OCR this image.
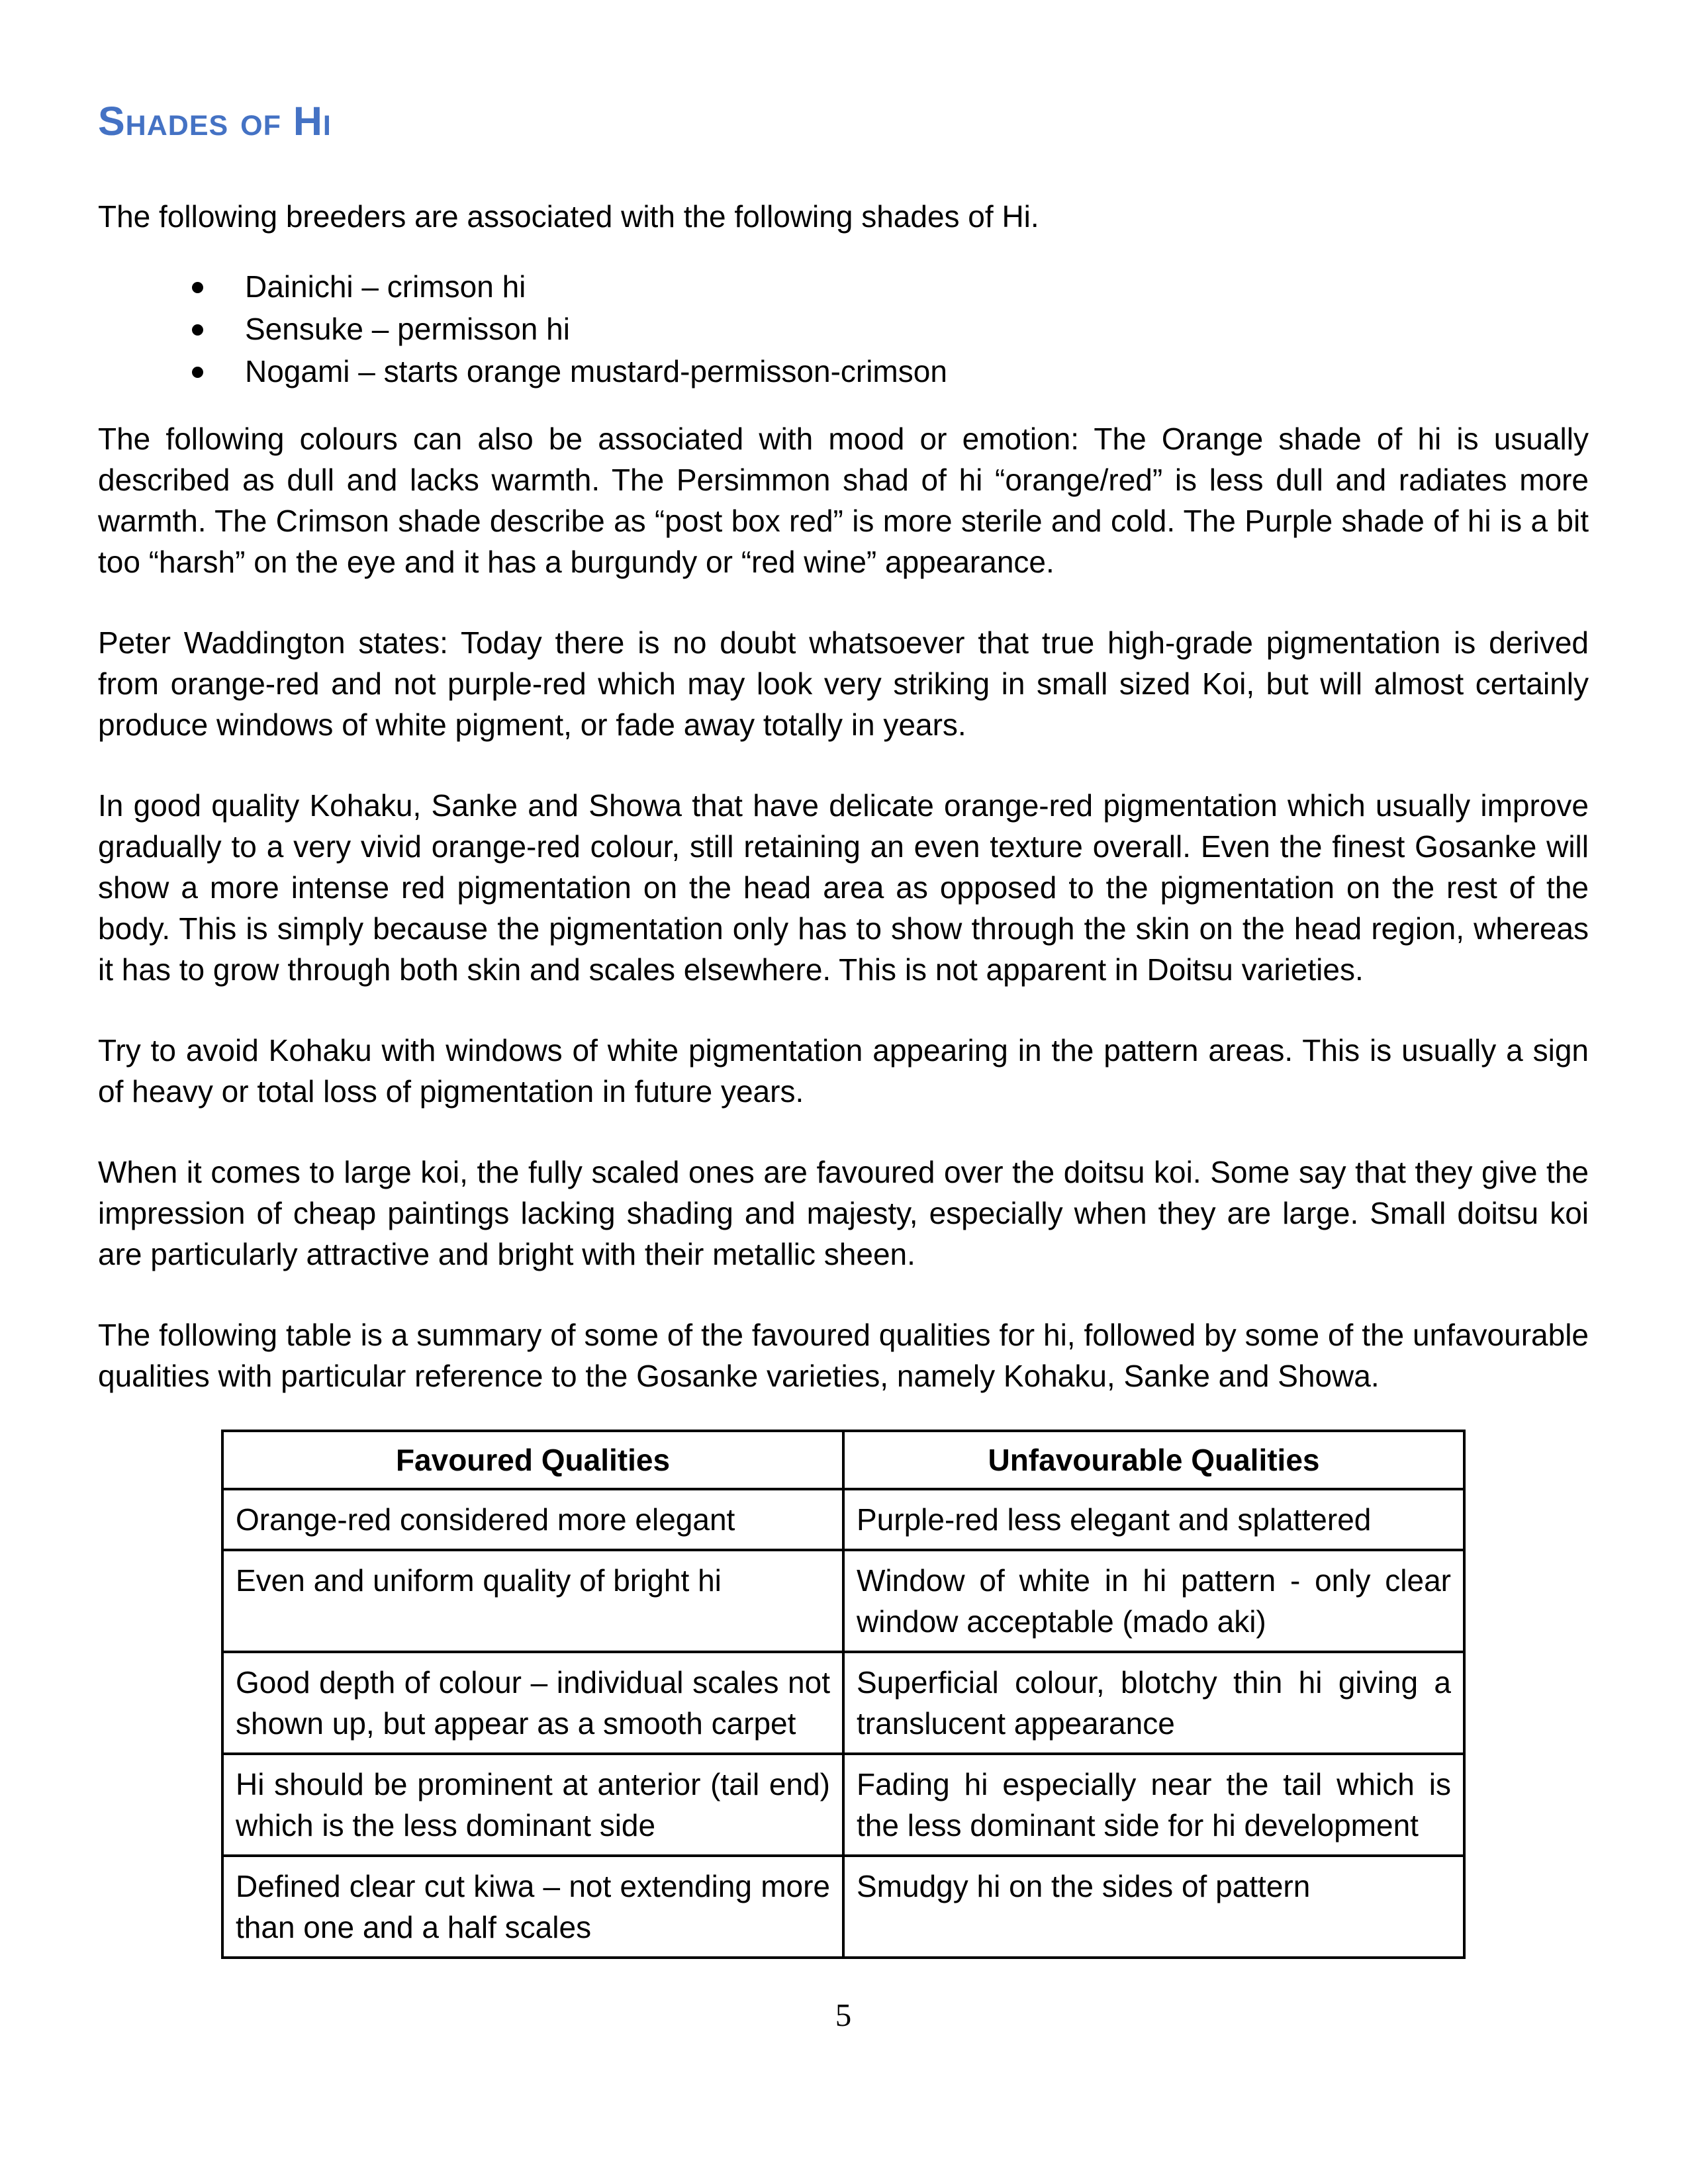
Shades of Hi

The following breeders are associated with the following shades of Hi.

Dainichi – crimson hi
Sensuke – permisson hi
Nogami – starts orange mustard-permisson-crimson

The following colours can also be associated with mood or emotion: The Orange shade of hi is usually described as dull and lacks warmth. The Persimmon shad of hi “orange/red” is less dull and radiates more warmth. The Crimson shade describe as “post box red” is more sterile and cold. The Purple shade of hi is a bit too “harsh” on the eye and it has a burgundy or “red wine” appearance.

Peter Waddington states: Today there is no doubt whatsoever that true high-grade pigmentation is derived from orange-red and not purple-red which may look very striking in small sized Koi, but will almost certainly produce windows of white pigment, or fade away totally in years.

In good quality Kohaku, Sanke and Showa that have delicate orange-red pigmentation which usually improve gradually to a very vivid orange-red colour, still retaining an even texture overall. Even the finest Gosanke will show a more intense red pigmentation on the head area as opposed to the pigmentation on the rest of the body. This is simply because the pigmentation only has to show through the skin on the head region, whereas it has to grow through both skin and scales elsewhere. This is not apparent in Doitsu varieties.

Try to avoid Kohaku with windows of white pigmentation appearing in the pattern areas. This is usually a sign of heavy or total loss of pigmentation in future years.

When it comes to large koi, the fully scaled ones are favoured over the doitsu koi. Some say that they give the impression of cheap paintings lacking shading and majesty, especially when they are large. Small doitsu koi are particularly attractive and bright with their metallic sheen.

The following table is a summary of some of the favoured qualities for hi, followed by some of the unfavourable qualities with particular reference to the Gosanke varieties, namely Kohaku, Sanke and Showa.

Favoured Qualities	Unfavourable Qualities
Orange-red considered more elegant	Purple-red less elegant and splattered
Even and uniform quality of bright hi	Window of white in hi pattern - only clear window acceptable (mado aki)
Good depth of colour – individual scales not shown up, but appear as a smooth carpet	Superficial colour, blotchy thin hi giving a translucent appearance
Hi should be prominent at anterior (tail end) which is the less dominant side	Fading hi especially near the tail which is the less dominant side for hi development
Defined clear cut kiwa – not extending more than one and a half scales	Smudgy hi on the sides of pattern
5
